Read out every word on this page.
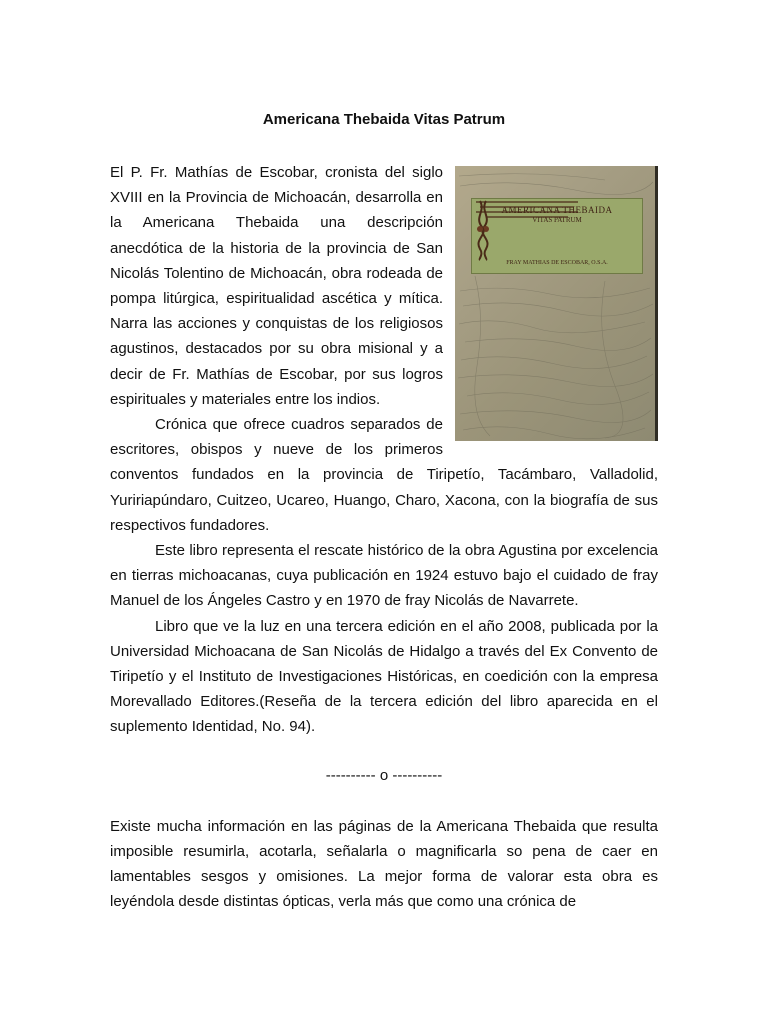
Americana Thebaida Vitas Patrum
AMERICANA THEBAIDA
VITAS PATRUM
FRAY MATHIAS DE ESCOBAR, O.S.A.

El P. Fr. Mathías de Escobar, cronista del siglo XVIII en la Provincia de Michoacán, desarrolla en la Americana Thebaida una descripción anecdótica de la historia de la provincia de San Nicolás Tolentino de Michoacán, obra rodeada de pompa litúrgica, espiritualidad ascética y mítica. Narra las acciones y conquistas de los religiosos agustinos, destacados por su obra misional y a decir de Fr. Mathías de Escobar, por sus logros espirituales y materiales entre los indios.

Crónica que ofrece cuadros separados de escritores, obispos y nueve de los primeros conventos fundados en la provincia de Tiripetío, Tacámbaro, Valladolid, Yuririapúndaro, Cuitzeo, Ucareo, Huango, Charo, Xacona, con la biografía de sus respectivos fundadores.

Este libro representa el rescate histórico de la obra Agustina por excelencia en tierras michoacanas, cuya publicación en 1924 estuvo bajo el cuidado de fray Manuel de los Ángeles Castro y en 1970 de fray Nicolás de Navarrete.

Libro que ve la luz en una tercera edición en el año 2008, publicada por la Universidad Michoacana de San Nicolás de Hidalgo a través del Ex Convento de Tiripetío y el Instituto de Investigaciones Históricas, en coedición con la empresa Morevallado Editores.(Reseña de la tercera edición del libro aparecida en el suplemento Identidad, No. 94).

---------- o ----------

Existe mucha información en las páginas de la Americana Thebaida que resulta imposible resumirla, acotarla, señalarla o magnificarla so pena de caer en lamentables sesgos y omisiones. La mejor forma de valorar esta obra es leyéndola desde distintas ópticas, verla más que como una crónica de
